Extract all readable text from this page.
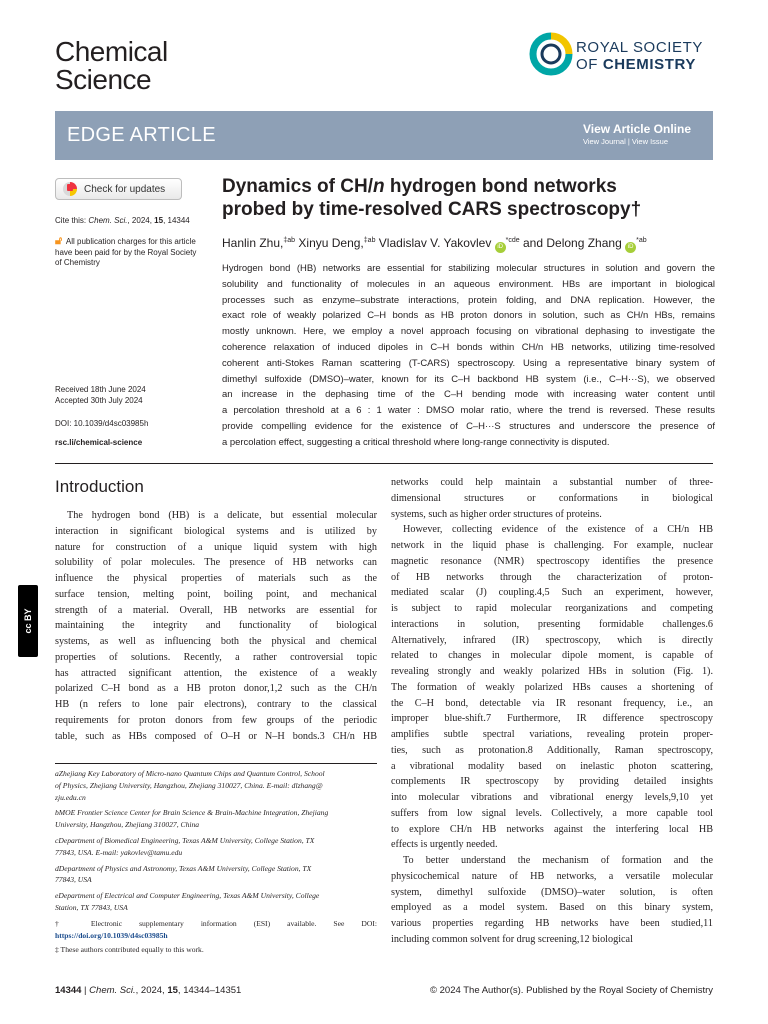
Chemical
Science
ROYAL SOCIETY
OF CHEMISTRY
EDGE ARTICLE	View Article Online
View Journal | View Issue
Check for updates
Cite this: Chem. Sci., 2024, 15, 14344
🔓︎ All publication charges for this article
have been paid for by the Royal Society
of Chemistry
Received 18th June 2024
Accepted 30th July 2024
DOI: 10.1039/d4sc03985h
rsc.li/chemical-science
Dynamics of CH/n hydrogen bond networks
probed by time-resolved CARS spectroscopy†
Hanlin Zhu,$^{\ddagger ab}$ Xinyu Deng,$^{\ddagger ab}$ Vladislav V. Yakovlev $iD^{*cde}$ and Delong Zhang $iD^{*ab}$
Hydrogen bond (HB) networks are essential for stabilizing molecular structures in solution and govern the
solubility and functionality of molecules in an aqueous environment. HBs are important in biological
processes such as enzyme–substrate interactions, protein folding, and DNA replication. However, the
exact role of weakly polarized C–H bonds as HB proton donors in solution, such as CH/n HBs, remains
mostly unknown. Here, we employ a novel approach focusing on vibrational dephasing to investigate the
coherence relaxation of induced dipoles in C–H bonds within CH/n HB networks, utilizing time-resolved
coherent anti-Stokes Raman scattering (T-CARS) spectroscopy. Using a representative binary system of
dimethyl sulfoxide (DMSO)–water, known for its C–H backbond HB system (i.e., C–H···S), we observed
an increase in the dephasing time of the C–H bending mode with increasing water content until
a percolation threshold at a 6 : 1 water : DMSO molar ratio, where the trend is reversed. These results
provide compelling evidence for the existence of C–H···S structures and underscore the presence of
a percolation effect, suggesting a critical threshold where long-range connectivity is disputed.
Introduction
The hydrogen bond (HB) is a delicate, but essential molecular
interaction in significant biological systems and is utilized by
nature for construction of a unique liquid system with high
solubility of polar molecules. The presence of HB networks can
influence the physical properties of materials such as the
surface tension, melting point, boiling point, and mechanical
strength of a material. Overall, HB networks are essential for
maintaining the integrity and functionality of biological
systems, as well as influencing both the physical and chemical
properties of solutions. Recently, a rather controversial topic
has attracted significant attention, the existence of a weakly
polarized C–H bond as a HB proton donor,1,2 such as the CH/n
HB (n refers to lone pair electrons), contrary to the classical
requirements for proton donors from few groups of the periodic
table, such as HBs composed of O–H or N–H bonds.3 CH/n HB
networks could help maintain a substantial number of three-
dimensional structures or conformations in biological
systems, such as higher order structures of proteins.
However, collecting evidence of the existence of a CH/n HB
network in the liquid phase is challenging. For example, nuclear
magnetic resonance (NMR) spectroscopy identifies the presence
of HB networks through the characterization of proton-
mediated scalar (J) coupling.4,5 Such an experiment, however,
is subject to rapid molecular reorganizations and competing
interactions in solution, presenting formidable challenges.6
Alternatively, infrared (IR) spectroscopy, which is directly
related to changes in molecular dipole moment, is capable of
revealing strongly and weakly polarized HBs in solution (Fig. 1).
The formation of weakly polarized HBs causes a shortening of
the C–H bond, detectable via IR resonant frequency, i.e., an
improper blue-shift.7 Furthermore, IR difference spectroscopy
amplifies subtle spectral variations, revealing protein proper-
ties, such as protonation.8 Additionally, Raman spectroscopy,
a vibrational modality based on inelastic photon scattering,
complements IR spectroscopy by providing detailed insights
into molecular vibrations and vibrational energy levels,9,10 yet
suffers from low signal levels. Collectively, a more capable tool
to explore CH/n HB networks against the interfering local HB
effects is urgently needed.
To better understand the mechanism of formation and the
physicochemical nature of HB networks, a versatile molecular
system, dimethyl sulfoxide (DMSO)–water solution, is often
employed as a model system. Based on this binary system,
various properties regarding HB networks have been studied,11
including common solvent for drug screening,12 biological
aZhejiang Key Laboratory of Micro-nano Quantum Chips and Quantum Control, School
of Physics, Zhejiang University, Hangzhou, Zhejiang 310027, China. E-mail: dlzhang@
zju.edu.cn
bMOE Frontier Science Center for Brain Science & Brain-Machine Integration, Zhejiang
University, Hangzhou, Zhejiang 310027, China
cDepartment of Biomedical Engineering, Texas A&M University, College Station, TX
77843, USA. E-mail: yakovlev@tamu.edu
dDepartment of Physics and Astronomy, Texas A&M University, College Station, TX
77843, USA
eDepartment of Electrical and Computer Engineering, Texas A&M University, College
Station, TX 77843, USA
† Electronic supplementary information (ESI) available. See DOI:
https://doi.org/10.1039/d4sc03985h
‡ These authors contributed equally to this work.
cc BY
14344 | Chem. Sci., 2024, 15, 14344–14351	© 2024 The Author(s). Published by the Royal Society of Chemistry
